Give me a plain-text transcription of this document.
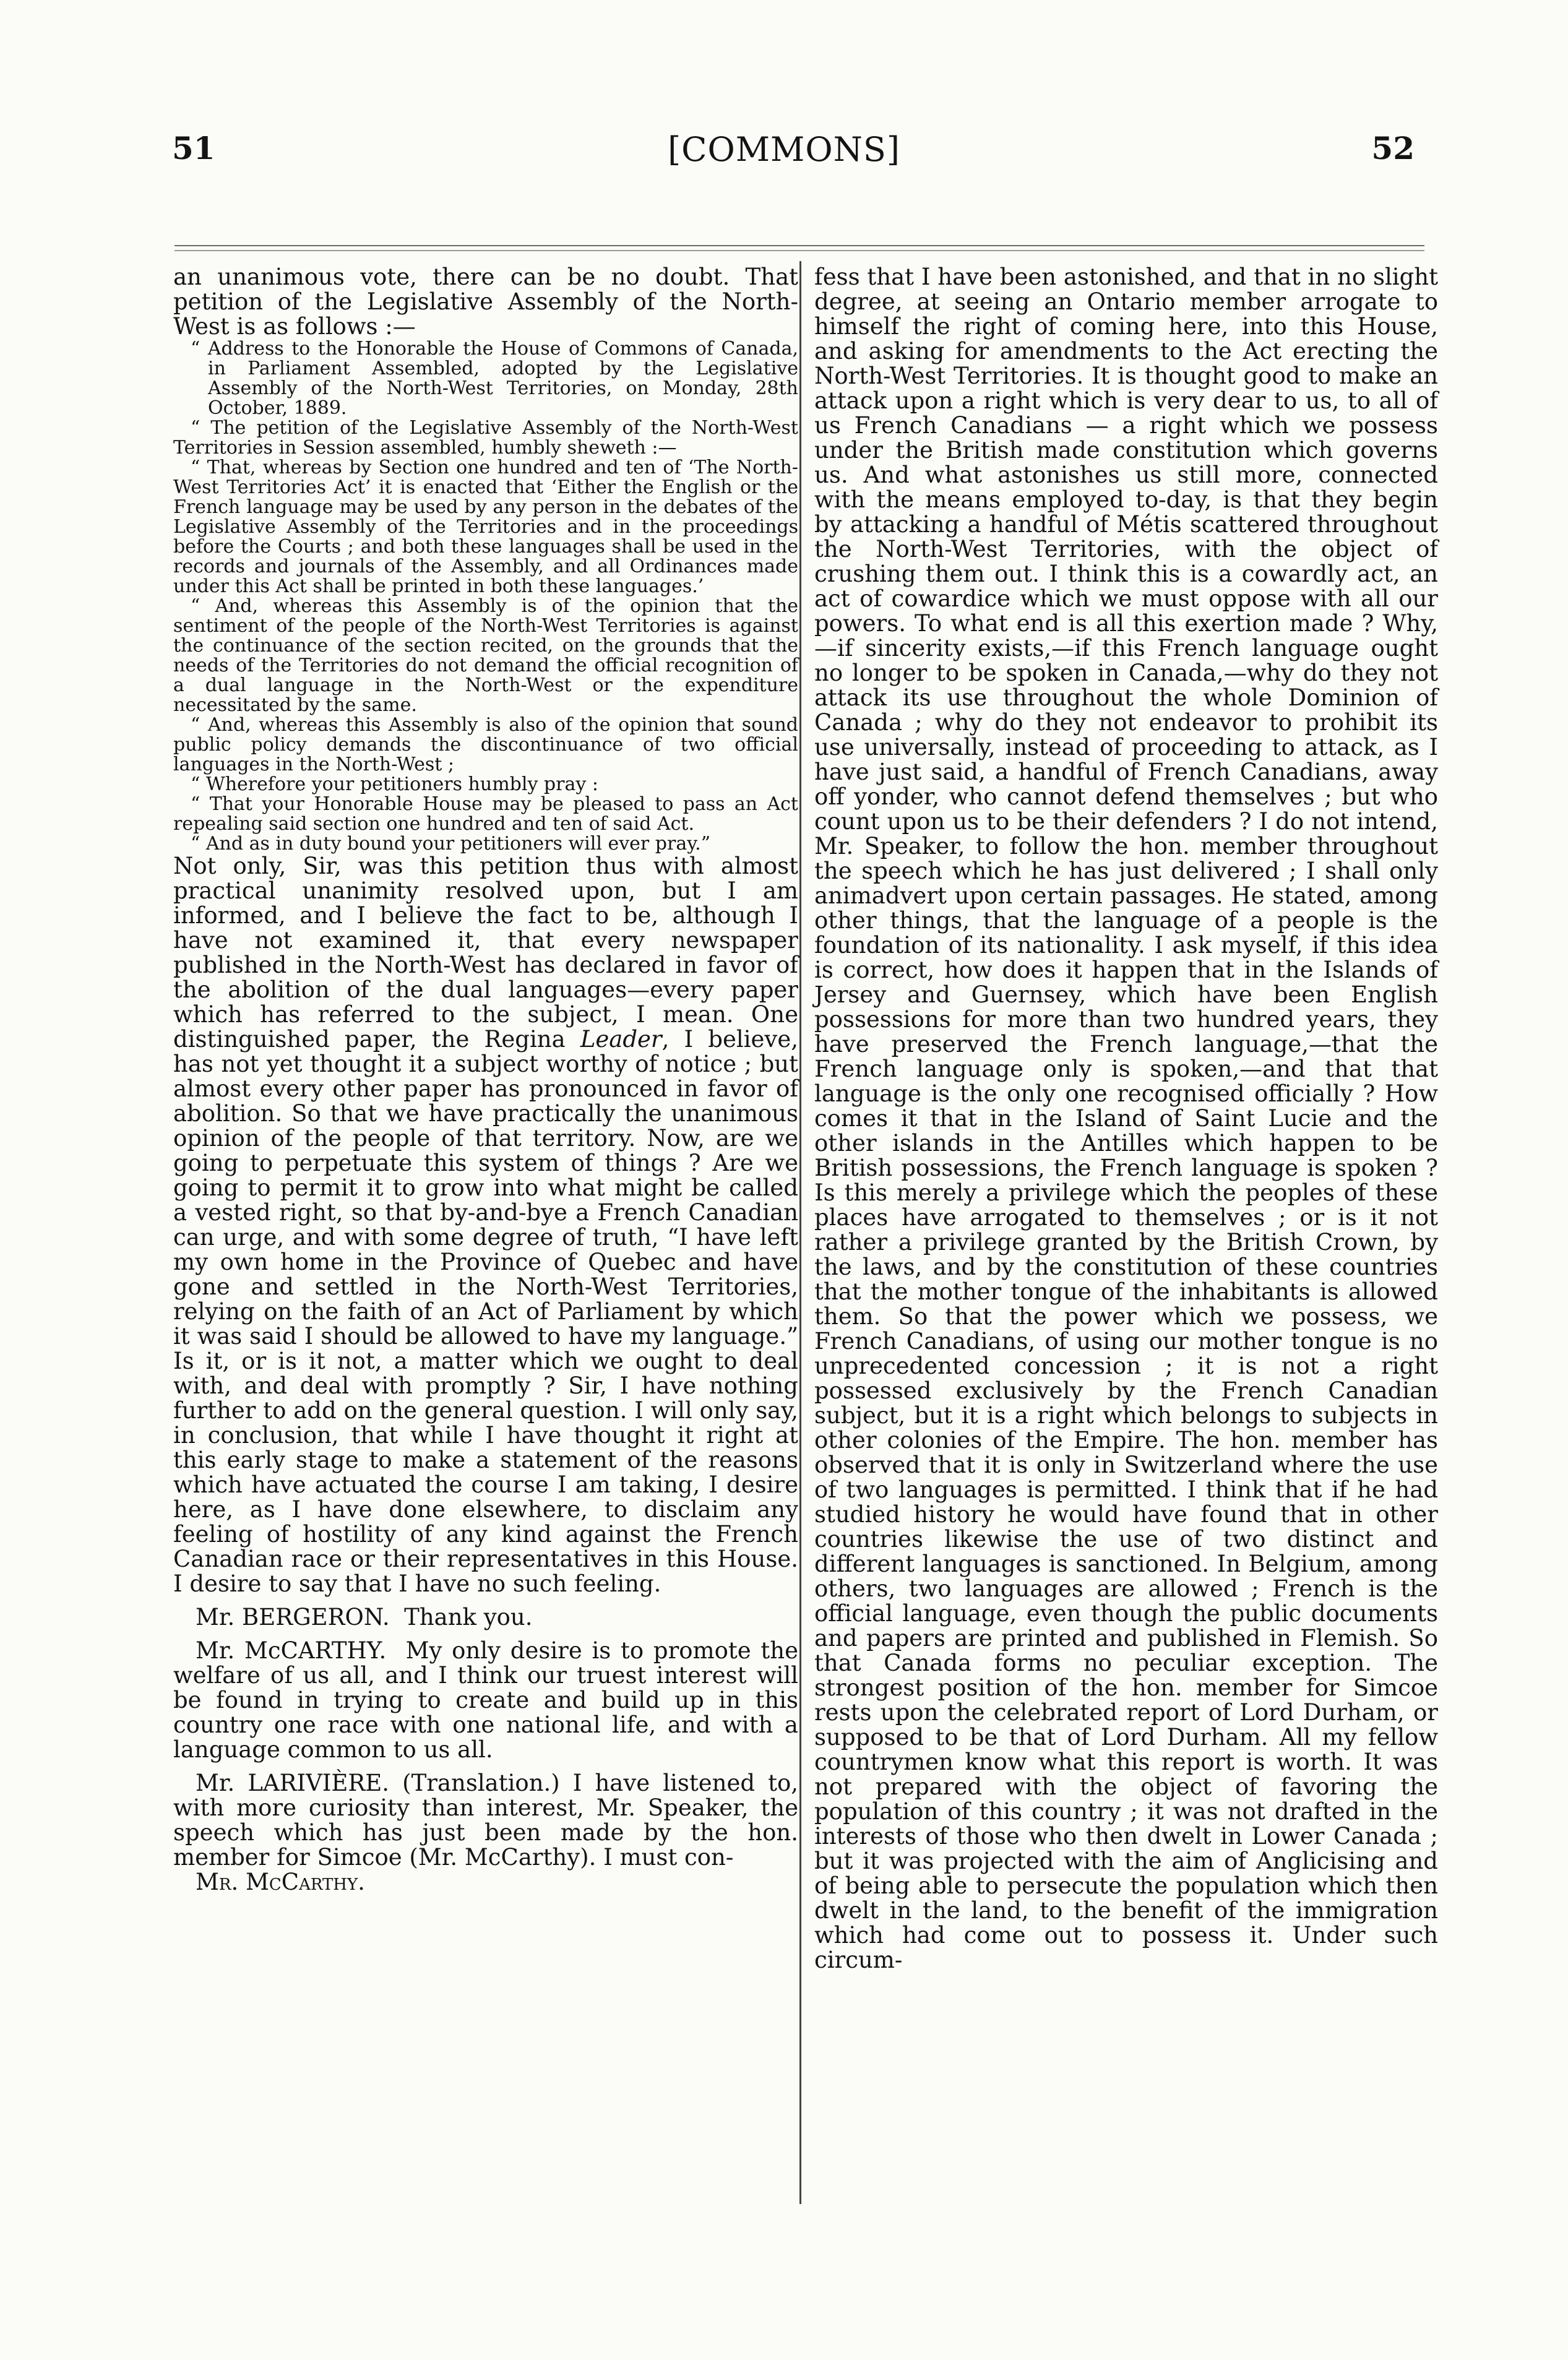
51	[COMMONS]	52

an unanimous vote, there can be no doubt. That petition of the Legislative Assembly of the North-West is as follows :—

“ Address to the Honorable the House of Commons of Canada, in Parliament Assembled, adopted by the Legislative Assembly of the North-West Territories, on Monday, 28th October, 1889.

“ The petition of the Legislative Assembly of the North-West Territories in Session assembled, humbly sheweth :—

“ That, whereas by Section one hundred and ten of ‘The North-West Territories Act’ it is enacted that ‘Either the English or the French language may be used by any person in the debates of the Legislative Assembly of the Territories and in the proceedings before the Courts ; and both these languages shall be used in the records and journals of the Assembly, and all Ordinances made under this Act shall be printed in both these languages.’

“ And, whereas this Assembly is of the opinion that the sentiment of the people of the North-West Territories is against the continuance of the section recited, on the grounds that the needs of the Territories do not demand the official recognition of a dual language in the North-West or the expenditure necessitated by the same.

“ And, whereas this Assembly is also of the opinion that sound public policy demands the discontinuance of two official languages in the North-West ;

“ Wherefore your petitioners humbly pray :

“ That your Honorable House may be pleased to pass an Act repealing said section one hundred and ten of said Act.

“ And as in duty bound your petitioners will ever pray.”

Not only, Sir, was this petition thus with almost practical unanimity resolved upon, but I am informed, and I believe the fact to be, although I have not examined it, that every newspaper published in the North-West has declared in favor of the abolition of the dual languages—every paper which has referred to the subject, I mean. One distinguished paper, the Regina Leader, I believe, has not yet thought it a subject worthy of notice ; but almost every other paper has pronounced in favor of abolition. So that we have practically the unanimous opinion of the people of that territory. Now, are we going to perpetuate this system of things ? Are we going to permit it to grow into what might be called a vested right, so that by-and-bye a French Canadian can urge, and with some degree of truth, “I have left my own home in the Province of Quebec and have gone and settled in the North-West Territories, relying on the faith of an Act of Parliament by which it was said I should be allowed to have my language.” Is it, or is it not, a matter which we ought to deal with, and deal with promptly ? Sir, I have nothing further to add on the general question. I will only say, in conclusion, that while I have thought it right at this early stage to make a statement of the reasons which have actuated the course I am taking, I desire here, as I have done elsewhere, to disclaim any feeling of hostility of any kind against the French Canadian race or their representatives in this House. I desire to say that I have no such feeling.

Mr. BERGERON. Thank you.

Mr. McCARTHY. My only desire is to promote the welfare of us all, and I think our truest interest will be found in trying to create and build up in this country one race with one national life, and with a language common to us all.

Mr. LARIVIÈRE. (Translation.) I have listened to, with more curiosity than interest, Mr. Speaker, the speech which has just been made by the hon. member for Simcoe (Mr. McCarthy). I must con-

Mr. McCarthy.

fess that I have been astonished, and that in no slight degree, at seeing an Ontario member arrogate to himself the right of coming here, into this House, and asking for amendments to the Act erecting the North-West Territories. It is thought good to make an attack upon a right which is very dear to us, to all of us French Canadians — a right which we possess under the British made constitution which governs us. And what astonishes us still more, connected with the means employed to-day, is that they begin by attacking a handful of Métis scattered throughout the North-West Territories, with the object of crushing them out. I think this is a cowardly act, an act of cowardice which we must oppose with all our powers. To what end is all this exertion made ? Why,—if sincerity exists,—if this French language ought no longer to be spoken in Canada,—why do they not attack its use throughout the whole Dominion of Canada ; why do they not endeavor to prohibit its use universally, instead of proceeding to attack, as I have just said, a handful of French Canadians, away off yonder, who cannot defend themselves ; but who count upon us to be their defenders ? I do not intend, Mr. Speaker, to follow the hon. member throughout the speech which he has just delivered ; I shall only animadvert upon certain passages. He stated, among other things, that the language of a people is the foundation of its nationality. I ask myself, if this idea is correct, how does it happen that in the Islands of Jersey and Guernsey, which have been English possessions for more than two hundred years, they have preserved the French language,—that the French language only is spoken,—and that that language is the only one recognised officially ? How comes it that in the Island of Saint Lucie and the other islands in the Antilles which happen to be British possessions, the French language is spoken ? Is this merely a privilege which the peoples of these places have arrogated to themselves ; or is it not rather a privilege granted by the British Crown, by the laws, and by the constitution of these countries that the mother tongue of the inhabitants is allowed them. So that the power which we possess, we French Canadians, of using our mother tongue is no unprecedented concession ; it is not a right possessed exclusively by the French Canadian subject, but it is a right which belongs to subjects in other colonies of the Empire. The hon. member has observed that it is only in Switzerland where the use of two languages is permitted. I think that if he had studied history he would have found that in other countries likewise the use of two distinct and different languages is sanctioned. In Belgium, among others, two languages are allowed ; French is the official language, even though the public documents and papers are printed and published in Flemish. So that Canada forms no peculiar exception. The strongest position of the hon. member for Simcoe rests upon the celebrated report of Lord Durham, or supposed to be that of Lord Durham. All my fellow countrymen know what this report is worth. It was not prepared with the object of favoring the population of this country ; it was not drafted in the interests of those who then dwelt in Lower Canada ; but it was projected with the aim of Anglicising and of being able to persecute the population which then dwelt in the land, to the benefit of the immigration which had come out to possess it. Under such circum-
